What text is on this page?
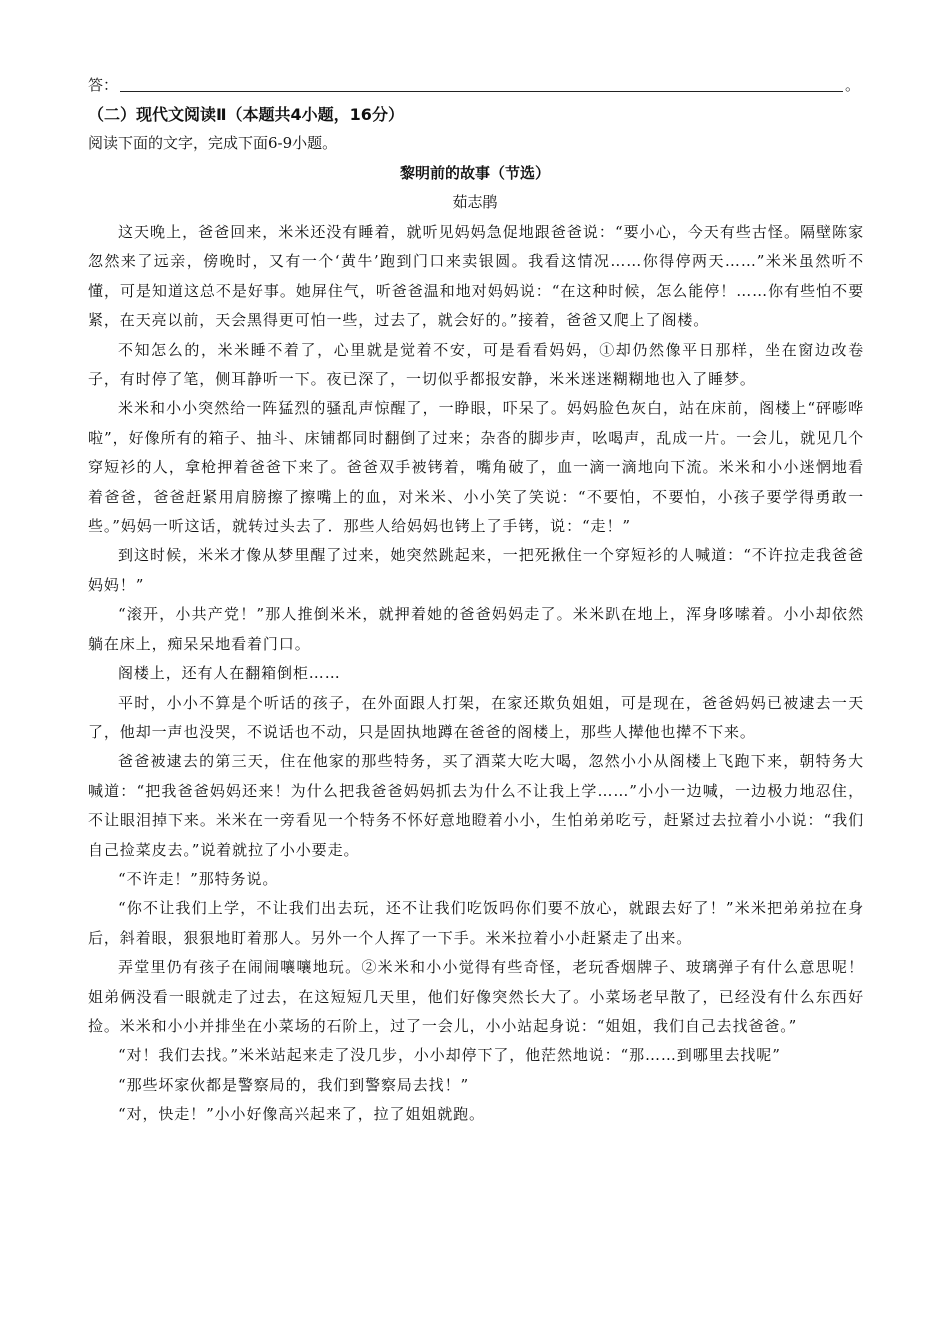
答：	。
（二）现代文阅读Ⅱ（本题共4小题，16分）
阅读下面的文字，完成下面6-9小题。
黎明前的故事（节选）
茹志鹃

这天晚上，爸爸回来，米米还没有睡着，就听见妈妈急促地跟爸爸说：“要小心，今天有些古怪。隔壁陈家忽然来了远亲，傍晚时，又有一个‘黄牛’跑到门口来卖银圆。我看这情况……你得停两天……”米米虽然听不懂，可是知道这总不是好事。她屏住气，听爸爸温和地对妈妈说：“在这种时候，怎么能停！……你有些怕不要紧，在天亮以前，天会黑得更可怕一些，过去了，就会好的。”接着，爸爸又爬上了阁楼。

不知怎么的，米米睡不着了，心里就是觉着不安，可是看看妈妈，①却仍然像平日那样，坐在窗边改卷子，有时停了笔，侧耳静听一下。夜已深了，一切似乎都报安静，米米迷迷糊糊地也入了睡梦。

米米和小小突然给一阵猛烈的骚乱声惊醒了，一睁眼，吓呆了。妈妈脸色灰白，站在床前，阁楼上“砰嘭哗啦”，好像所有的箱子、抽斗、床铺都同时翻倒了过来；杂沓的脚步声，吆喝声，乱成一片。一会儿，就见几个穿短衫的人，拿枪押着爸爸下来了。爸爸双手被铐着，嘴角破了，血一滴一滴地向下流。米米和小小迷惘地看着爸爸，爸爸赶紧用肩膀擦了擦嘴上的血，对米米、小小笑了笑说：“不要怕，不要怕，小孩子要学得勇敢一些。”妈妈一听这话，就转过头去了．那些人给妈妈也铐上了手铐，说：“走！”

到这时候，米米才像从梦里醒了过来，她突然跳起来，一把死揪住一个穿短衫的人喊道：“不许拉走我爸爸妈妈！”

“滚开，小共产党！”那人推倒米米，就押着她的爸爸妈妈走了。米米趴在地上，浑身哆嗦着。小小却依然躺在床上，痴呆呆地看着门口。

阁楼上，还有人在翻箱倒柜……

平时，小小不算是个听话的孩子，在外面跟人打架，在家还欺负姐姐，可是现在，爸爸妈妈已被逮去一天了，他却一声也没哭，不说话也不动，只是固执地蹲在爸爸的阁楼上，那些人撵他也撵不下来。

爸爸被逮去的第三天，住在他家的那些特务，买了酒菜大吃大喝，忽然小小从阁楼上飞跑下来，朝特务大喊道：“把我爸爸妈妈还来！为什么把我爸爸妈妈抓去为什么不让我上学……”小小一边喊，一边极力地忍住，不让眼泪掉下来。米米在一旁看见一个特务不怀好意地瞪着小小，生怕弟弟吃亏，赶紧过去拉着小小说：“我们自己捡菜皮去。”说着就拉了小小要走。

“不许走！”那特务说。

“你不让我们上学，不让我们出去玩，还不让我们吃饭吗你们要不放心，就跟去好了！”米米把弟弟拉在身后，斜着眼，狠狠地盯着那人。另外一个人挥了一下手。米米拉着小小赶紧走了出来。

弄堂里仍有孩子在闹闹嚷嚷地玩。②米米和小小觉得有些奇怪，老玩香烟牌子、玻璃弹子有什么意思呢！姐弟俩没看一眼就走了过去，在这短短几天里，他们好像突然长大了。小菜场老早散了，已经没有什么东西好捡。米米和小小并排坐在小菜场的石阶上，过了一会儿，小小站起身说：“姐姐，我们自己去找爸爸。”

“对！我们去找。”米米站起来走了没几步，小小却停下了，他茫然地说：“那……到哪里去找呢”

“那些坏家伙都是警察局的，我们到警察局去找！”

“对，快走！”小小好像高兴起来了，拉了姐姐就跑。
